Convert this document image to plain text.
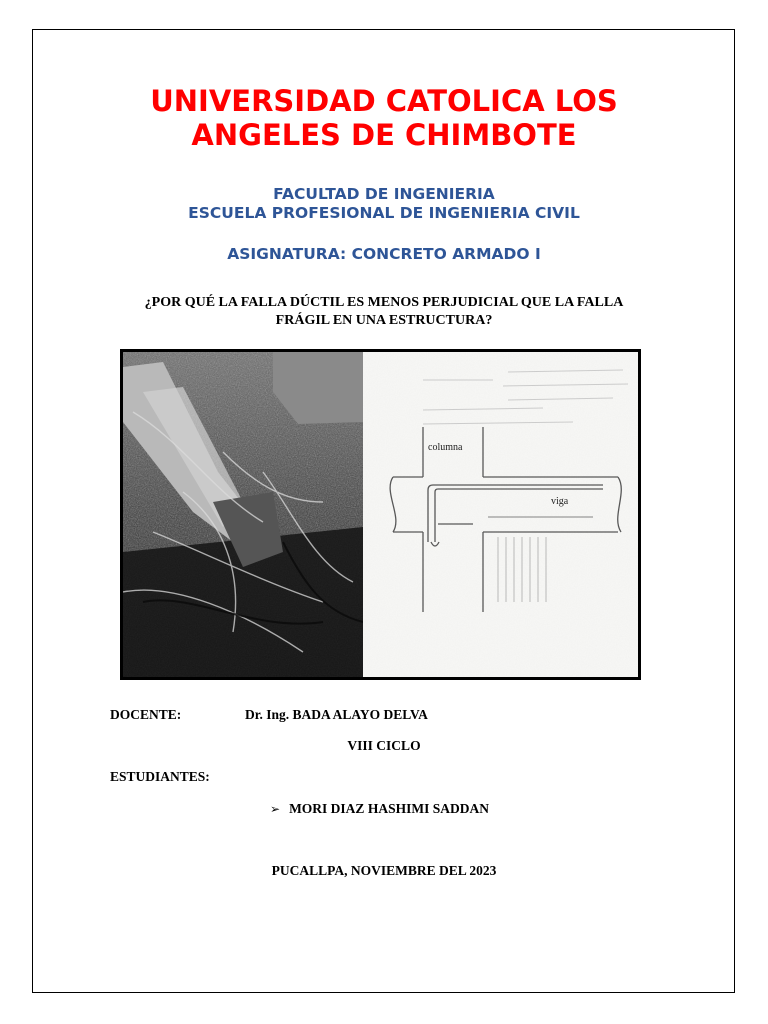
UNIVERSIDAD CATOLICA LOS
ANGELES DE CHIMBOTE

FACULTAD DE INGENIERIA

ESCUELA PROFESIONAL DE INGENIERIA CIVIL

ASIGNATURA: CONCRETO ARMADO I

¿POR QUÉ LA FALLA DÚCTIL ES MENOS PERJUDICIAL QUE LA FALLA
FRÁGIL EN UNA ESTRUCTURA?

columna
viga

DOCENTE:	Dr. Ing. BADA ALAYO DELVA

VIII CICLO

ESTUDIANTES:

➢ MORI DIAZ HASHIMI SADDAN

PUCALLPA, NOVIEMBRE DEL 2023
